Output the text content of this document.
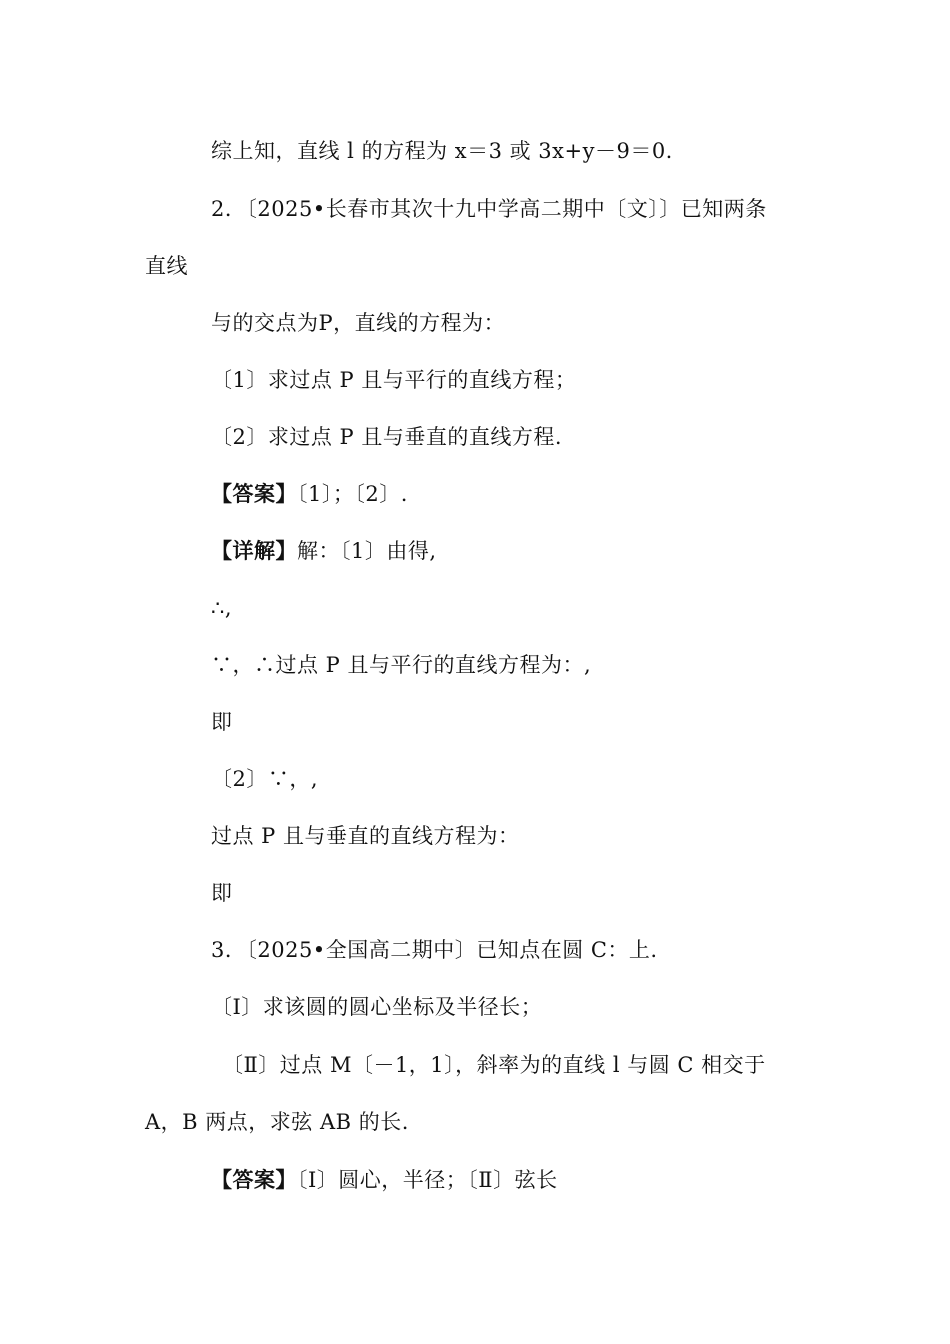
综上知，直线 l 的方程为 x＝3 或 3x+y－9＝0.
2．〔2025•长春市其次十九中学高二期中〔文〕〕已知两条
直线
与的交点为P，直线的方程为：
〔1〕求过点 P 且与平行的直线方程；
〔2〕求过点 P 且与垂直的直线方程.
【答案】〔1〕；〔2〕.
【详解】解：〔1〕由得,
∴,
∵，∴过点 P 且与平行的直线方程为：,
即
〔2〕∵，,
过点 P 且与垂直的直线方程为：
即
3．〔2025•全国高二期中〕已知点在圆 C：上.
〔Ⅰ〕求该圆的圆心坐标及半径长；
〔Ⅱ〕过点 M〔－1，1〕，斜率为的直线 l 与圆 C 相交于
A，B 两点，求弦 AB 的长.
【答案】〔Ⅰ〕圆心，半径；〔Ⅱ〕弦长
